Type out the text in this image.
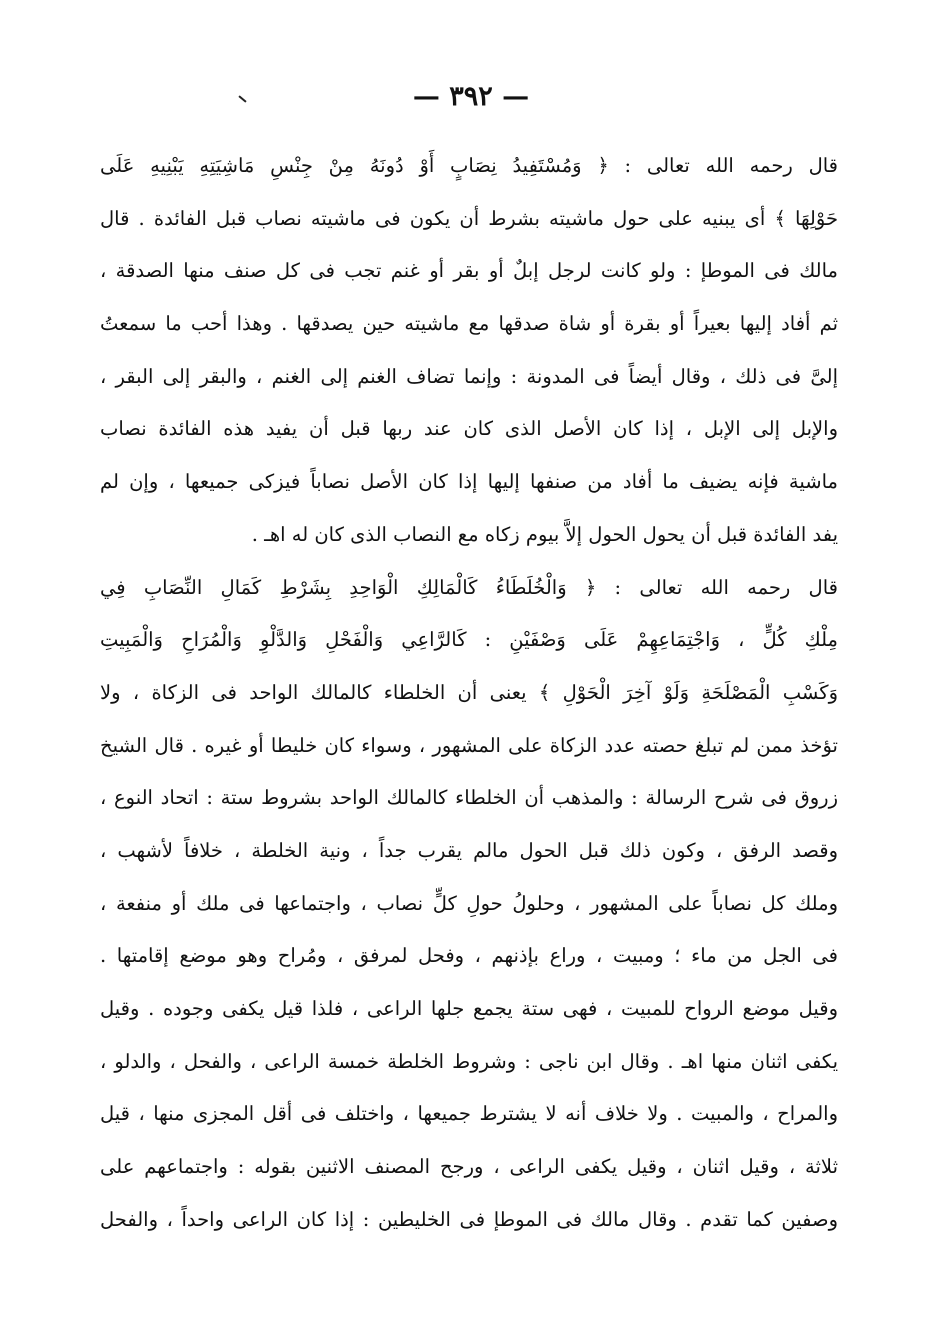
— ٣٩٢ —
قال رحمه الله تعالى : ﴿ وَمُسْتَفِيدُ نِصَابٍ أَوْ دُونَهُ مِنْ جِنْسِ مَاشِيَتِهِ يَبْنِيهِ عَلَى
حَوْلِهَا ﴾ أى يبنيه على حول ماشيته بشرط أن يكون فى ماشيته نصاب قبل الفائدة . قال
مالك فى الموطإ : ولو كانت لرجل إبلٌ أو بقر أو غنم تجب فى كل صنف منها الصدقة ،
ثم أفاد إليها بعيراً أو بقرة أو شاة صدقها مع ماشيته حين يصدقها . وهذا أحب ما سمعتُ
إلىَّ فى ذلك ، وقال أيضاً فى المدونة : وإنما تضاف الغنم إلى الغنم ، والبقر إلى البقر ،
والإبل إلى الإبل ، إذا كان الأصل الذى كان عند ربها قبل أن يفيد هذه الفائدة نصاب
ماشية فإنه يضيف ما أفاد من صنفها إليها إذا كان الأصل نصاباً فيزكى جميعها ، وإن لم
يفد الفائدة قبل أن يحول الحول إلاَّ بيوم زكاه مع النصاب الذى كان له اهـ .
قال رحمه الله تعالى : ﴿ وَالْخُلَطَاءُ كَالْمَالِكِ الْوَاحِدِ بِشَرْطِ كَمَالِ النِّصَابِ فِي
مِلْكِ كُلٍّ ، وَاجْتِمَاعِهِمْ عَلَى وَصْفَيْنِ : كَالرَّاعِي وَالْفَحْلِ وَالدَّلْوِ وَالْمُرَاحِ وَالْمَبِيتِ
وَكَسْبِ الْمَصْلَحَةِ وَلَوْ آخِرَ الْحَوْلِ ﴾ يعنى أن الخلطاء كالمالك الواحد فى الزكاة ، ولا
تؤخذ ممن لم تبلغ حصته عدد الزكاة على المشهور ، وسواء كان خليطا أو غيره . قال الشيخ
زروق فى شرح الرسالة : والمذهب أن الخلطاء كالمالك الواحد بشروط ستة : اتحاد النوع ،
وقصد الرفق ، وكون ذلك قبل الحول مالم يقرب جداً ، ونية الخلطة ، خلافاً لأشهب ،
وملك كل نصاباً على المشهور ، وحلولُ حولِ كلٍّ نصاب ، واجتماعها فى ملك أو منفعة ،
فى الجل من ماء ؛ ومبيت ، وراع بإذنهم ، وفحل لمرفق ، ومُراح وهو موضع إقامتها .
وقيل موضع الرواح للمبيت ، فهى ستة يجمع جلها الراعى ، فلذا قيل يكفى وجوده . وقيل
يكفى اثنان منها اهـ . وقال ابن ناجى : وشروط الخلطة خمسة الراعى ، والفحل ، والدلو ،
والمراح ، والمبيت . ولا خلاف أنه لا يشترط جميعها ، واختلف فى أقل المجزى منها ، قيل
ثلاثة ، وقيل اثنان ، وقيل يكفى الراعى ، ورجح المصنف الاثنين بقوله : واجتماعهم على
وصفين كما تقدم . وقال مالك فى الموطإ فى الخليطين : إذا كان الراعى واحداً ، والفحل
